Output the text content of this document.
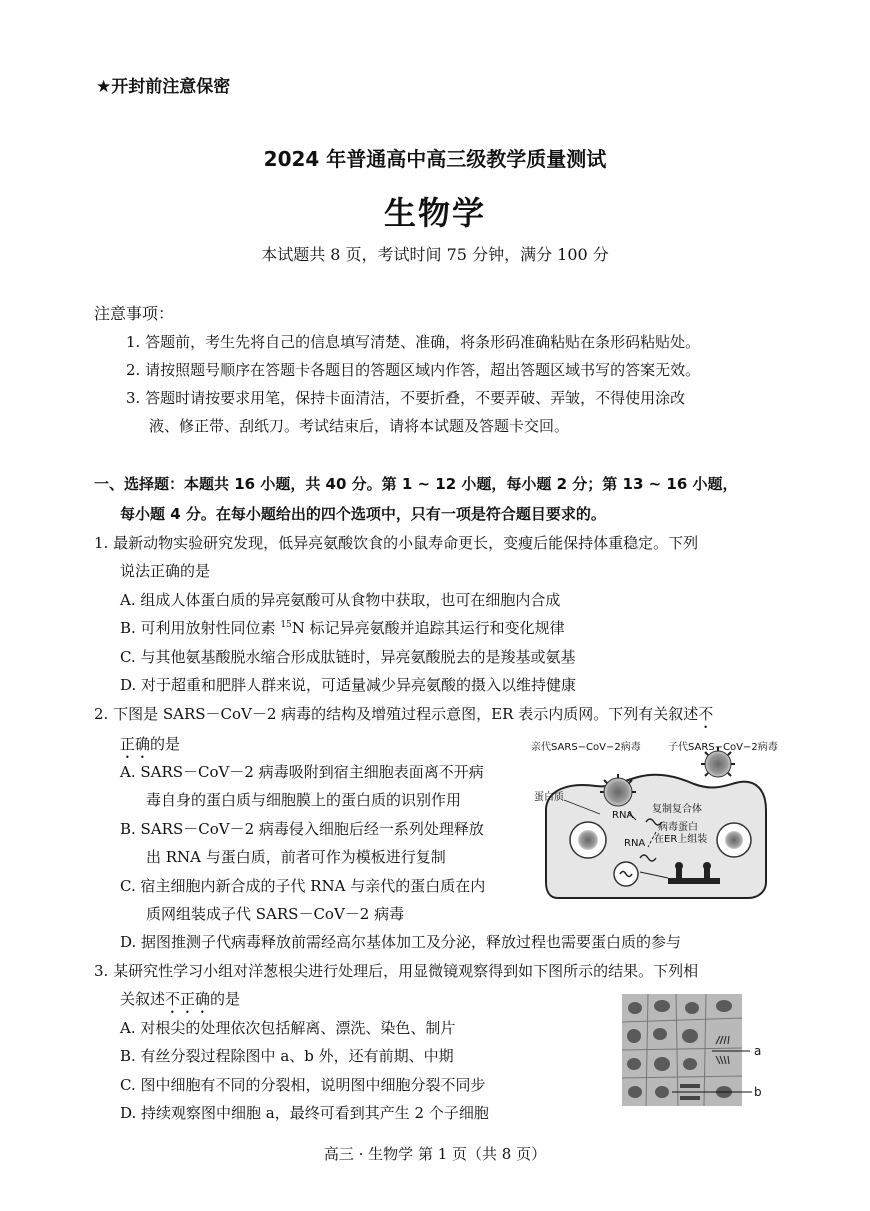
★开封前注意保密
2024 年普通高中高三级教学质量测试
生物学
本试题共 8 页，考试时间 75 分钟，满分 100 分
注意事项：
1. 答题前，考生先将自己的信息填写清楚、准确，将条形码准确粘贴在条形码粘贴处。
2. 请按照题号顺序在答题卡各题目的答题区域内作答，超出答题区域书写的答案无效。
3. 答题时请按要求用笔，保持卡面清洁，不要折叠，不要弄破、弄皱，不得使用涂改
液、修正带、刮纸刀。考试结束后，请将本试题及答题卡交回。
一、选择题：本题共 16 小题，共 40 分。第 1 ~ 12 小题，每小题 2 分；第 13 ~ 16 小题，
每小题 4 分。在每小题给出的四个选项中，只有一项是符合题目要求的。
1. 最新动物实验研究发现，低异亮氨酸饮食的小鼠寿命更长，变瘦后能保持体重稳定。下列
说法正确的是
A. 组成人体蛋白质的异亮氨酸可从食物中获取，也可在细胞内合成
B. 可利用放射性同位素 $^{15}$N 标记异亮氨酸并追踪其运行和变化规律
C. 与其他氨基酸脱水缩合形成肽链时，异亮氨酸脱去的是羧基或氨基
D. 对于超重和肥胖人群来说，可适量减少异亮氨酸的摄入以维持健康
2. 下图是 SARS－CoV－2 病毒的结构及增殖过程示意图，ER 表示内质网。下列有关叙述不
正确的是
A. SARS－CoV－2 病毒吸附到宿主细胞表面离不开病
毒自身的蛋白质与细胞膜上的蛋白质的识别作用
B. SARS－CoV－2 病毒侵入细胞后经一系列处理释放
出 RNA 与蛋白质，前者可作为模板进行复制
C. 宿主细胞内新合成的子代 RNA 与亲代的蛋白质在内
质网组装成子代 SARS－CoV－2 病毒
D. 据图推测子代病毒释放前需经高尔基体加工及分泌，释放过程也需要蛋白质的参与
亲代SARS−CoV−2病毒	子代SARS−CoV−2病毒
蛋白质
RNA
复制复合体
病毒蛋白
在ER上组装
RNA
3. 某研究性学习小组对洋葱根尖进行处理后，用显微镜观察得到如下图所示的结果。下列相
关叙述不正确的是
A. 对根尖的处理依次包括解离、漂洗、染色、制片
B. 有丝分裂过程除图中 a、b 外，还有前期、中期
C. 图中细胞有不同的分裂相，说明图中细胞分裂不同步
D. 持续观察图中细胞 a，最终可看到其产生 2 个子细胞
a
b
高三 · 生物学 第 1 页（共 8 页）
